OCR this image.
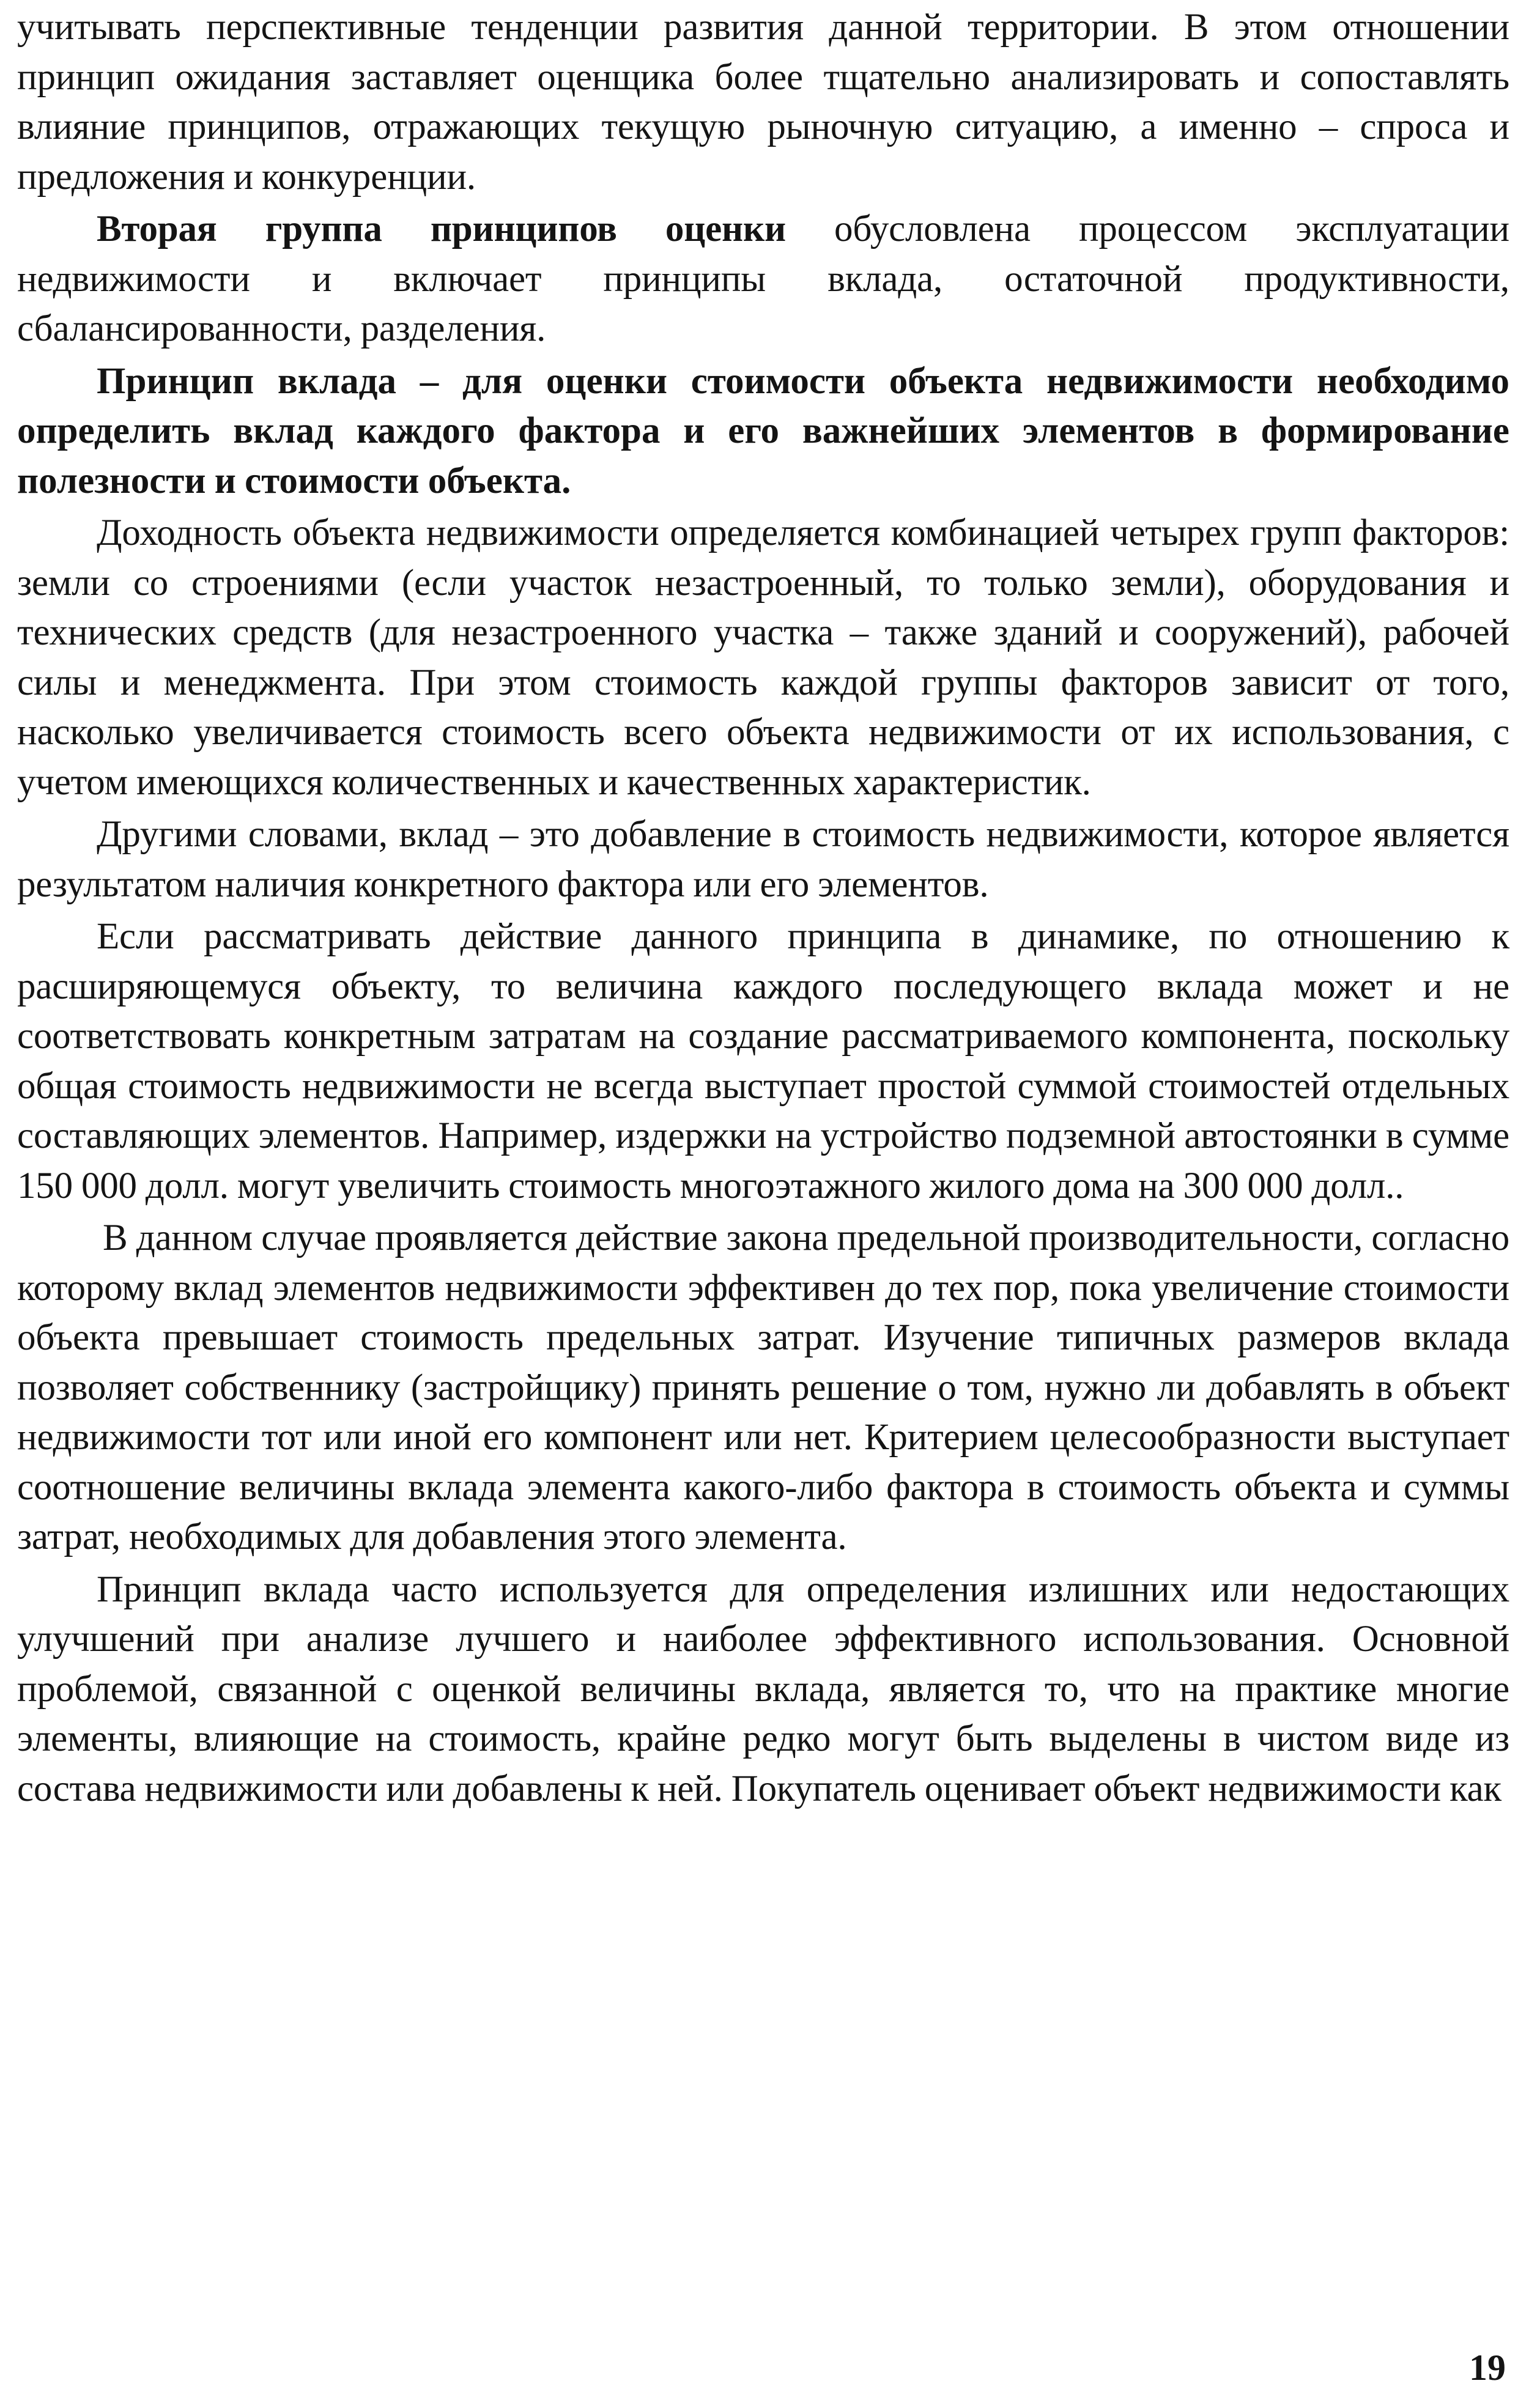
учитывать перспективные тенденции развития данной территории. В этом отношении принцип ожидания заставляет оценщика более тщательно анализировать и сопоставлять влияние принципов, отражающих текущую рыночную ситуацию, а именно – спроса и предложения и конкуренции.

Вторая группа принципов оценки обусловлена процессом эксплуатации недвижимости и включает принципы вклада, остаточной продуктивности, сбалансированности, разделения.

Принцип вклада – для оценки стоимости объекта недвижимости необходимо определить вклад каждого фактора и его важнейших элементов в формирование полезности и стоимости объекта.

Доходность объекта недвижимости определяется комбинацией четырех групп факторов: земли со строениями (если участок незастроенный, то только земли), оборудования и технических средств (для незастроенного участка – также зданий и сооружений), рабочей силы и менеджмента. При этом стоимость каждой группы факторов зависит от того, насколько увеличивается стоимость всего объекта недвижимости от их использования, с учетом имеющихся количественных и качественных характеристик.

Другими словами, вклад – это добавление в стоимость недвижимости, которое является результатом наличия конкретного фактора или его элементов.

Если рассматривать действие данного принципа в динамике, по отношению к расширяющемуся объекту, то величина каждого последующего вклада может и не соответствовать конкретным затратам на создание рассматриваемого компонента, поскольку общая стоимость недвижимости не всегда выступает простой суммой стоимостей отдельных составляющих элементов. Например, издержки на устройство подземной автостоянки в сумме 150 000 долл. могут увеличить стоимость многоэтажного жилого дома на 300 000 долл..

В данном случае проявляется действие закона предельной производительности, согласно которому вклад элементов недвижимости эффективен до тех пор, пока увеличение стоимости объекта превышает стоимость предельных затрат. Изучение типичных размеров вклада позволяет собственнику (застройщику) принять решение о том, нужно ли добавлять в объект недвижимости тот или иной его компонент или нет. Критерием целесообразности выступает соотношение величины вклада элемента какого-либо фактора в стоимость объекта и суммы затрат, необходимых для добавления этого элемента.

Принцип вклада часто используется для определения излишних или недостающих улучшений при анализе лучшего и наиболее эффективного использования. Основной проблемой, связанной с оценкой величины вклада, является то, что на практике многие элементы, влияющие на стоимость, крайне редко могут быть выделены в чистом виде из состава недвижимости или добавлены к ней. Покупатель оценивает объект недвижимости как

19
